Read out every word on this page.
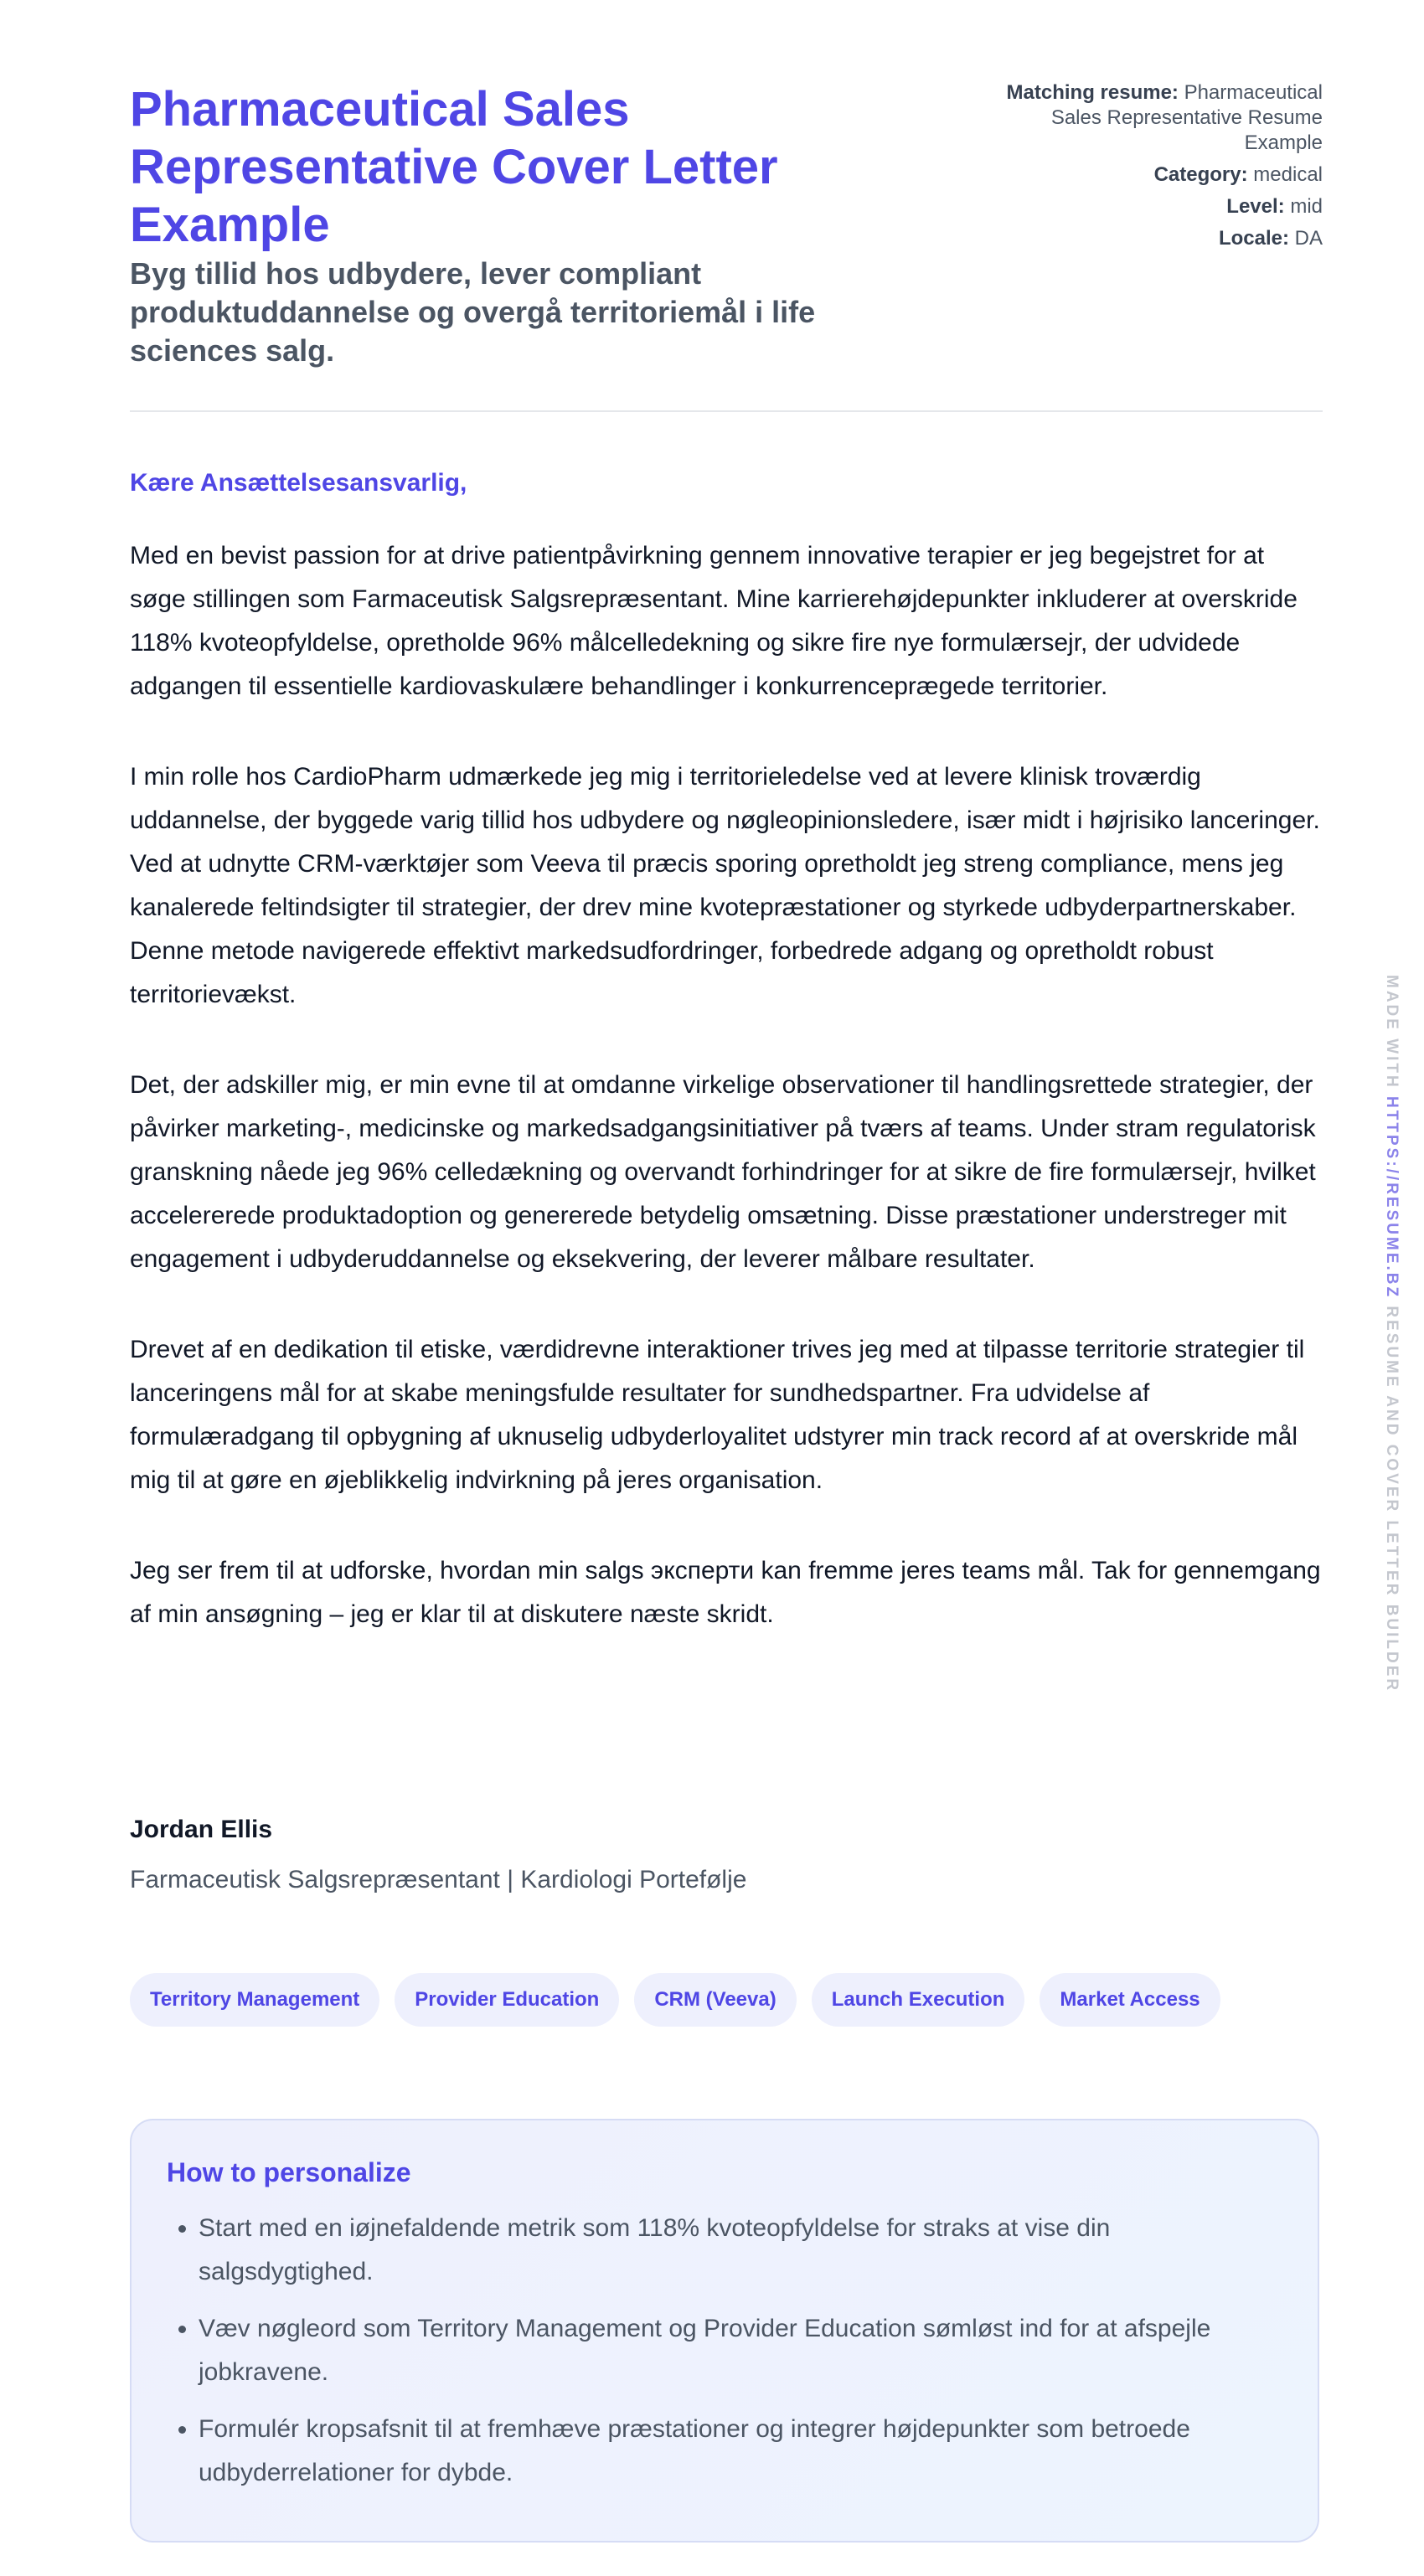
Pharmaceutical Sales Representative Cover Letter Example
Byg tillid hos udbydere, lever compliant produktuddannelse og overgå territoriemål i life sciences salg.
Matching resume: Pharmaceutical Sales Representative Resume Example
Category: medical
Level: mid
Locale: DA

Kære Ansættelsesansvarlig,

Med en bevist passion for at drive patientpåvirkning gennem innovative terapier er jeg begejstret for at søge stillingen som Farmaceutisk Salgsrepræsentant. Mine karrierehøjdepunkter inkluderer at overskride 118% kvoteopfyldelse, opretholde 96% målcelledekning og sikre fire nye formulærsejr, der udvidede adgangen til essentielle kardiovaskulære behandlinger i konkurrenceprægede territorier.

I min rolle hos CardioPharm udmærkede jeg mig i territorieledelse ved at levere klinisk troværdig uddannelse, der byggede varig tillid hos udbydere og nøgleopinionsledere, især midt i højrisiko lanceringer. Ved at udnytte CRM-værktøjer som Veeva til præcis sporing opretholdt jeg streng compliance, mens jeg kanalerede feltindsigter til strategier, der drev mine kvotepræstationer og styrkede udbyderpartnerskaber. Denne metode navigerede effektivt markedsudfordringer, forbedrede adgang og opretholdt robust territorievækst.

Det, der adskiller mig, er min evne til at omdanne virkelige observationer til handlingsrettede strategier, der påvirker marketing-, medicinske og markedsadgangsinitiativer på tværs af teams. Under stram regulatorisk granskning nåede jeg 96% celledækning og overvandt forhindringer for at sikre de fire formulærsejr, hvilket accelererede produktadoption og genererede betydelig omsætning. Disse præstationer understreger mit engagement i udbyderuddannelse og eksekvering, der leverer målbare resultater.

Drevet af en dedikation til etiske, værdidrevne interaktioner trives jeg med at tilpasse territorie strategier til lanceringens mål for at skabe meningsfulde resultater for sundhedspartner. Fra udvidelse af formulæradgang til opbygning af uknuselig udbyderloyalitet udstyrer min track record af at overskride mål mig til at gøre en øjeblikkelig indvirkning på jeres organisation.

Jeg ser frem til at udforske, hvordan min salgs эксперти kan fremme jeres teams mål. Tak for gennemgang af min ansøgning – jeg er klar til at diskutere næste skridt.

Jordan Ellis
Farmaceutisk Salgsrepræsentant | Kardiologi Portefølje
Territory Management	Provider Education	CRM (Veeva)	Launch Execution	Market Access
How to personalize
• Start med en iøjnefaldende metrik som 118% kvoteopfyldelse for straks at vise din salgsdygtighed.
• Væv nøgleord som Territory Management og Provider Education sømløst ind for at afspejle jobkravene.
• Formulér kropsafsnit til at fremhæve præstationer og integrer højdepunkter som betroede udbyderrelationer for dybde.
MADE WITH HTTPS://RESUME.BZ RESUME AND COVER LETTER BUILDER
